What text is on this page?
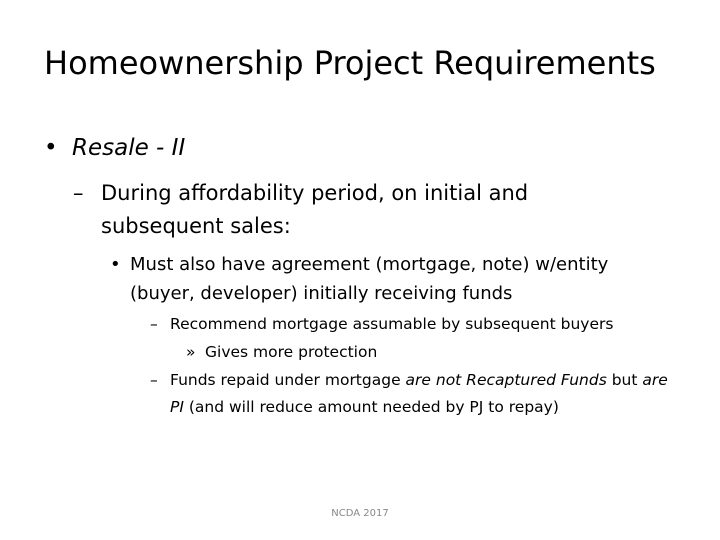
Homeownership Project Requirements
• Resale - II
– During affordability period, on initial and subsequent sales:
• Must also have agreement (mortgage, note) w/entity (buyer, developer) initially receiving funds
– Recommend mortgage assumable by subsequent buyers
» Gives more protection
– Funds repaid under mortgage are not Recaptured Funds but are PI (and will reduce amount needed by PJ to repay)
NCDA 2017
